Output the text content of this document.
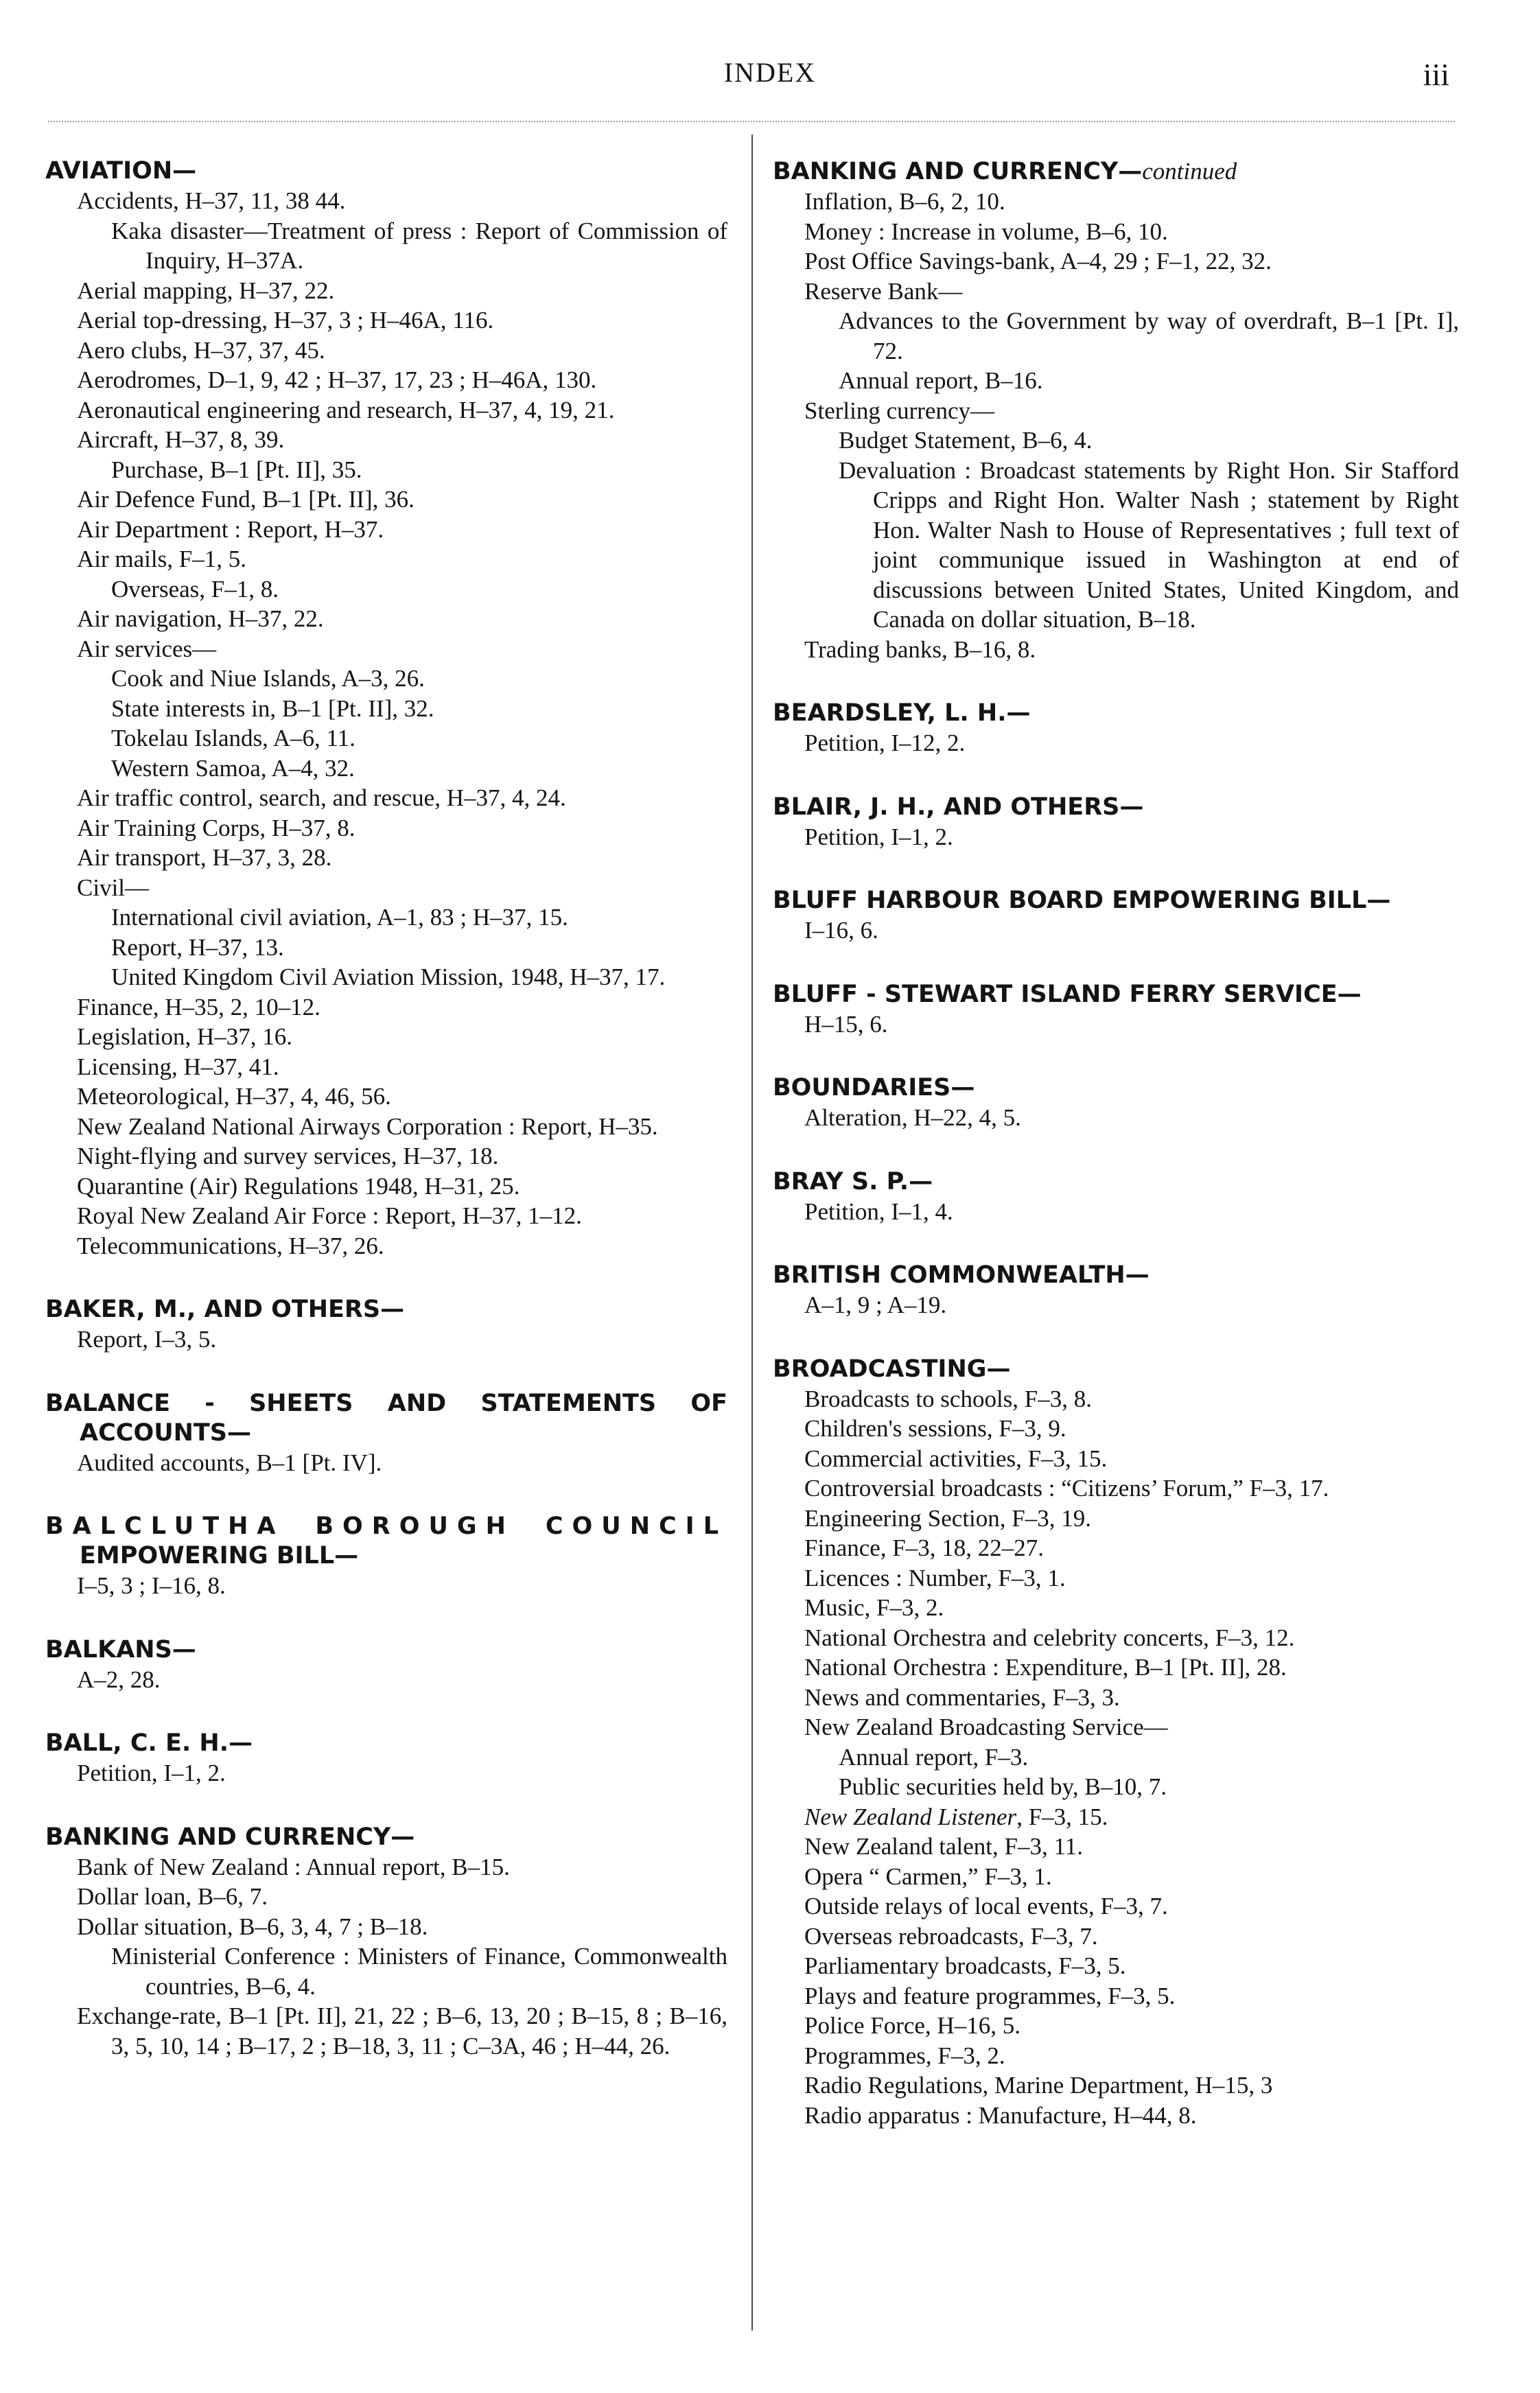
INDEX	iii
AVIATION—
Accidents, H–37, 11, 38 44.
Kaka disaster—Treatment of press : Report of Commission of Inquiry, H–37A.
Aerial mapping, H–37, 22.
Aerial top-dressing, H–37, 3 ; H–46A, 116.
Aero clubs, H–37, 37, 45.
Aerodromes, D–1, 9, 42 ; H–37, 17, 23 ; H–46A, 130.
Aeronautical engineering and research, H–37, 4, 19, 21.
Aircraft, H–37, 8, 39.
Purchase, B–1 [Pt. II], 35.
Air Defence Fund, B–1 [Pt. II], 36.
Air Department : Report, H–37.
Air mails, F–1, 5.
Overseas, F–1, 8.
Air navigation, H–37, 22.
Air services—
Cook and Niue Islands, A–3, 26.
State interests in, B–1 [Pt. II], 32.
Tokelau Islands, A–6, 11.
Western Samoa, A–4, 32.
Air traffic control, search, and rescue, H–37, 4, 24.
Air Training Corps, H–37, 8.
Air transport, H–37, 3, 28.
Civil—
International civil aviation, A–1, 83 ; H–37, 15.
Report, H–37, 13.
United Kingdom Civil Aviation Mission, 1948, H–37, 17.
Finance, H–35, 2, 10–12.
Legislation, H–37, 16.
Licensing, H–37, 41.
Meteorological, H–37, 4, 46, 56.
New Zealand National Airways Corporation : Report, H–35.
Night-flying and survey services, H–37, 18.
Quarantine (Air) Regulations 1948, H–31, 25.
Royal New Zealand Air Force : Report, H–37, 1–12.
Telecommunications, H–37, 26.
BAKER, M., AND OTHERS—
Report, I–3, 5.
BALANCE - SHEETS AND STATEMENTS OF ACCOUNTS—
Audited accounts, B–1 [Pt. IV].
BALCLUTHA BOROUGH COUNCIL EMPOWERING BILL—
I–5, 3 ; I–16, 8.
BALKANS—
A–2, 28.
BALL, C. E. H.—
Petition, I–1, 2.
BANKING AND CURRENCY—
Bank of New Zealand : Annual report, B–15.
Dollar loan, B–6, 7.
Dollar situation, B–6, 3, 4, 7 ; B–18.
Ministerial Conference : Ministers of Finance, Commonwealth countries, B–6, 4.
Exchange-rate, B–1 [Pt. II], 21, 22 ; B–6, 13, 20 ; B–15, 8 ; B–16, 3, 5, 10, 14 ; B–17, 2 ; B–18, 3, 11 ; C–3A, 46 ; H–44, 26.
BANKING AND CURRENCY—continued
Inflation, B–6, 2, 10.
Money : Increase in volume, B–6, 10.
Post Office Savings-bank, A–4, 29 ; F–1, 22, 32.
Reserve Bank—
Advances to the Government by way of overdraft, B–1 [Pt. I], 72.
Annual report, B–16.
Sterling currency—
Budget Statement, B–6, 4.
Devaluation : Broadcast statements by Right Hon. Sir Stafford Cripps and Right Hon. Walter Nash ; statement by Right Hon. Walter Nash to House of Representatives ; full text of joint communique issued in Washington at end of discussions between United States, United Kingdom, and Canada on dollar situation, B–18.
Trading banks, B–16, 8.
BEARDSLEY, L. H.—
Petition, I–12, 2.
BLAIR, J. H., AND OTHERS—
Petition, I–1, 2.
BLUFF HARBOUR BOARD EMPOWERING BILL—
I–16, 6.
BLUFF - STEWART ISLAND FERRY SERVICE—
H–15, 6.
BOUNDARIES—
Alteration, H–22, 4, 5.
BRAY S. P.—
Petition, I–1, 4.
BRITISH COMMONWEALTH—
A–1, 9 ; A–19.
BROADCASTING—
Broadcasts to schools, F–3, 8.
Children's sessions, F–3, 9.
Commercial activities, F–3, 15.
Controversial broadcasts : “Citizens’ Forum,” F–3, 17.
Engineering Section, F–3, 19.
Finance, F–3, 18, 22–27.
Licences : Number, F–3, 1.
Music, F–3, 2.
National Orchestra and celebrity concerts, F–3, 12.
National Orchestra : Expenditure, B–1 [Pt. II], 28.
News and commentaries, F–3, 3.
New Zealand Broadcasting Service—
Annual report, F–3.
Public securities held by, B–10, 7.
New Zealand Listener, F–3, 15.
New Zealand talent, F–3, 11.
Opera “ Carmen,” F–3, 1.
Outside relays of local events, F–3, 7.
Overseas rebroadcasts, F–3, 7.
Parliamentary broadcasts, F–3, 5.
Plays and feature programmes, F–3, 5.
Police Force, H–16, 5.
Programmes, F–3, 2.
Radio Regulations, Marine Department, H–15, 3
Radio apparatus : Manufacture, H–44, 8.
